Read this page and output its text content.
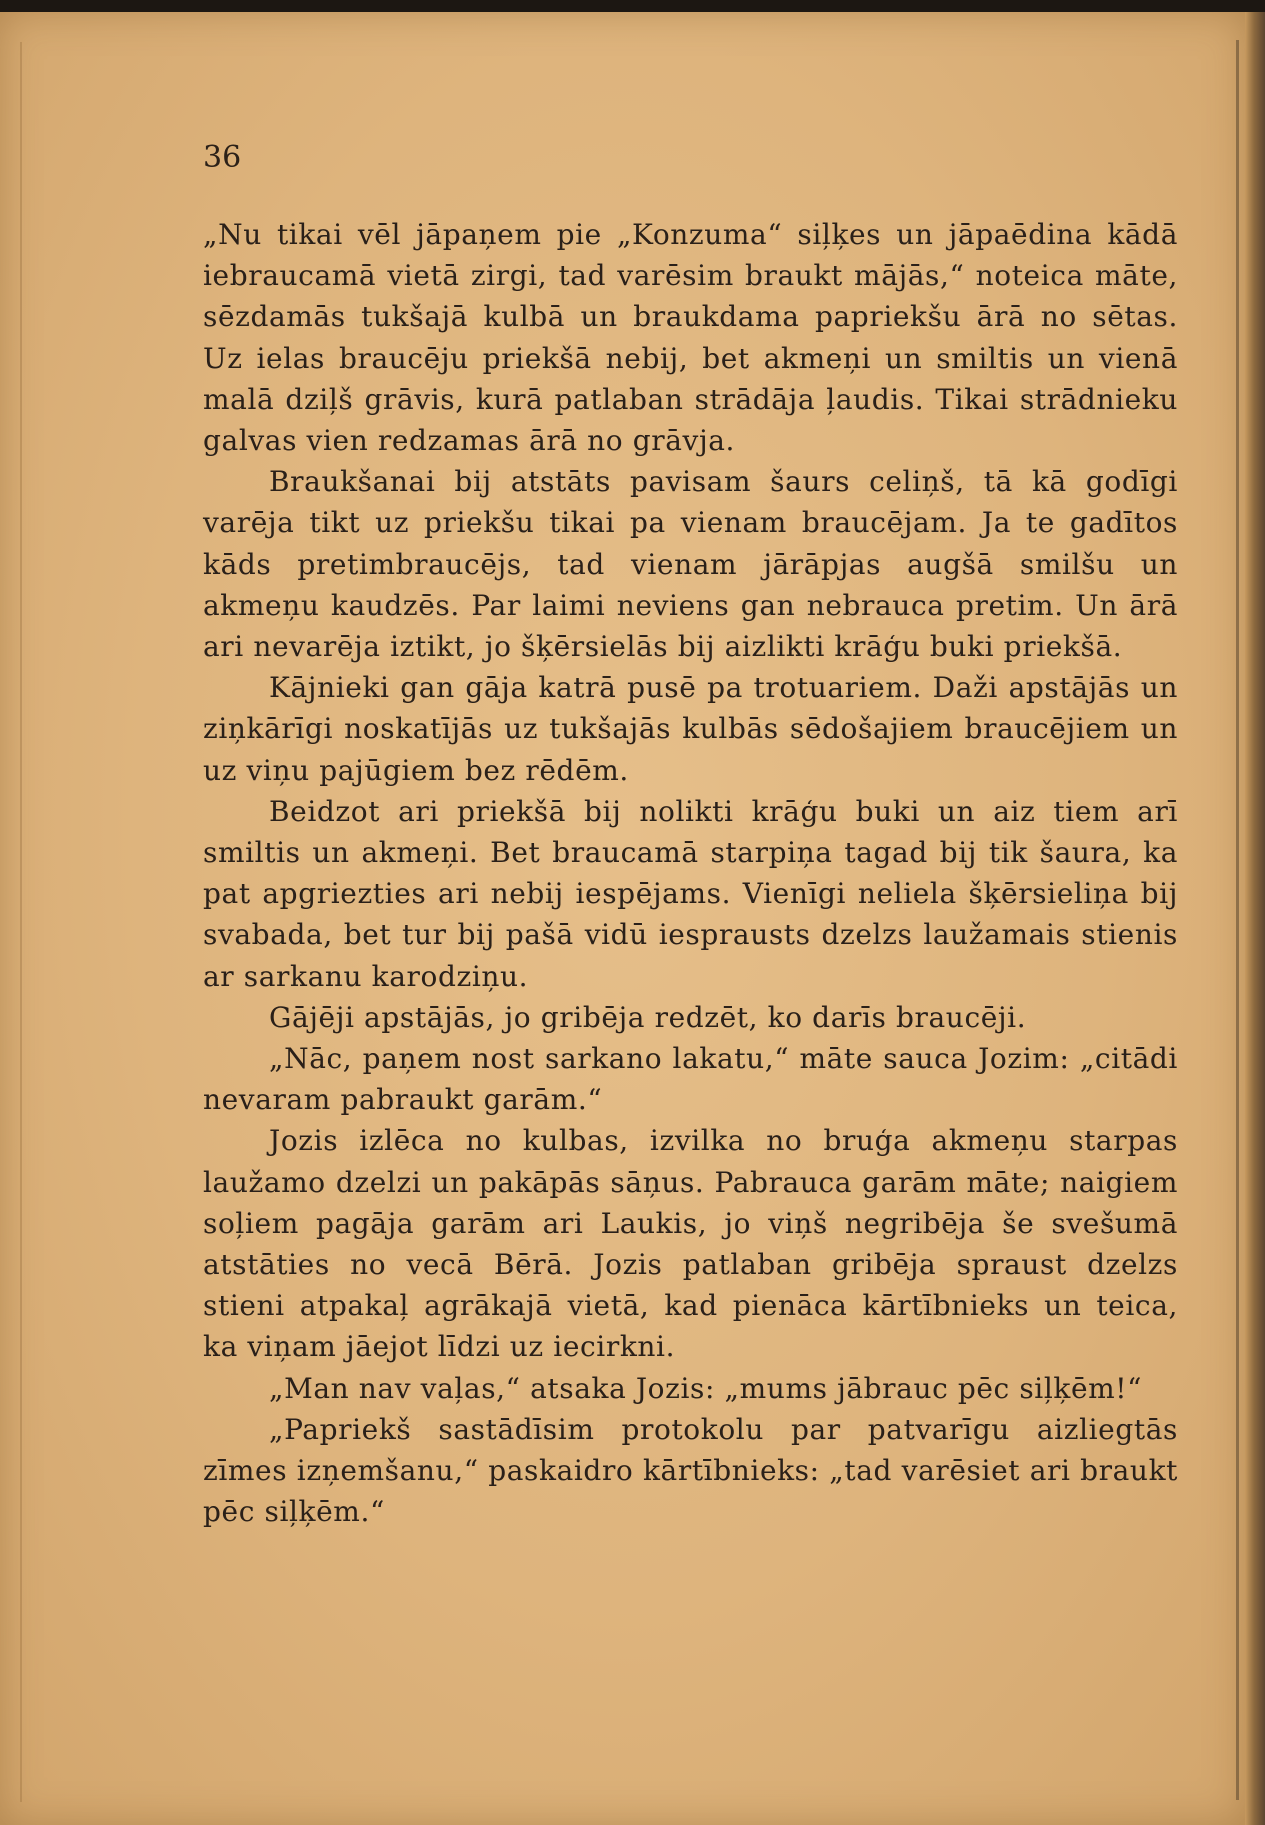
36

„Nu tikai vēl jāpaņem pie „Konzuma“ siļķes un jāpaēdina kādā iebraucamā vietā zirgi, tad varēsim braukt mājās,“ noteica māte, sēzdamās tukšajā kulbā un braukdama papriekšu ārā no sētas. Uz ielas braucēju priekšā nebij, bet akmeņi un smiltis un vienā malā dziļš grāvis, kurā patlaban strādāja ļaudis. Tikai strādnieku galvas vien redzamas ārā no grāvja.

Braukšanai bij atstāts pavisam šaurs celiņš, tā kā godīgi varēja tikt uz priekšu tikai pa vienam braucējam. Ja te gadītos kāds pretimbraucējs, tad vienam jārāpjas augšā smilšu un akmeņu kaudzēs. Par laimi neviens gan nebrauca pretim. Un ārā ari nevarēja iztikt, jo šķērsielās bij aizlikti krāģu buki priekšā.

Kājnieki gan gāja katrā pusē pa trotuariem. Daži apstājās un ziņkārīgi noskatījās uz tukšajās kulbās sēdošajiem braucējiem un uz viņu pajūgiem bez rēdēm.

Beidzot ari priekšā bij nolikti krāģu buki un aiz tiem arī smiltis un akmeņi. Bet braucamā starpiņa tagad bij tik šaura, ka pat apgriezties ari nebij iespējams. Vienīgi neliela šķērsieliņa bij svabada, bet tur bij pašā vidū iesprausts dzelzs laužamais stienis ar sarkanu karodziņu.

Gājēji apstājās, jo gribēja redzēt, ko darīs braucēji.

„Nāc, paņem nost sarkano lakatu,“ māte sauca Jozim: „citādi nevaram pabraukt garām.“

Jozis izlēca no kulbas, izvilka no bruģa akmeņu starpas laužamo dzelzi un pakāpās sāņus. Pabrauca garām māte; naigiem soļiem pagāja garām ari Laukis, jo viņš negribēja še svešumā atstāties no vecā Bērā. Jozis patlaban gribēja spraust dzelzs stieni atpakaļ agrākajā vietā, kad pienāca kārtībnieks un teica, ka viņam jāejot līdzi uz iecirkni.

„Man nav vaļas,“ atsaka Jozis: „mums jābrauc pēc siļķēm!“

„Papriekš sastādīsim protokolu par patvarīgu aizliegtās zīmes izņemšanu,“ paskaidro kārtībnieks: „tad varēsiet ari braukt pēc siļķēm.“
